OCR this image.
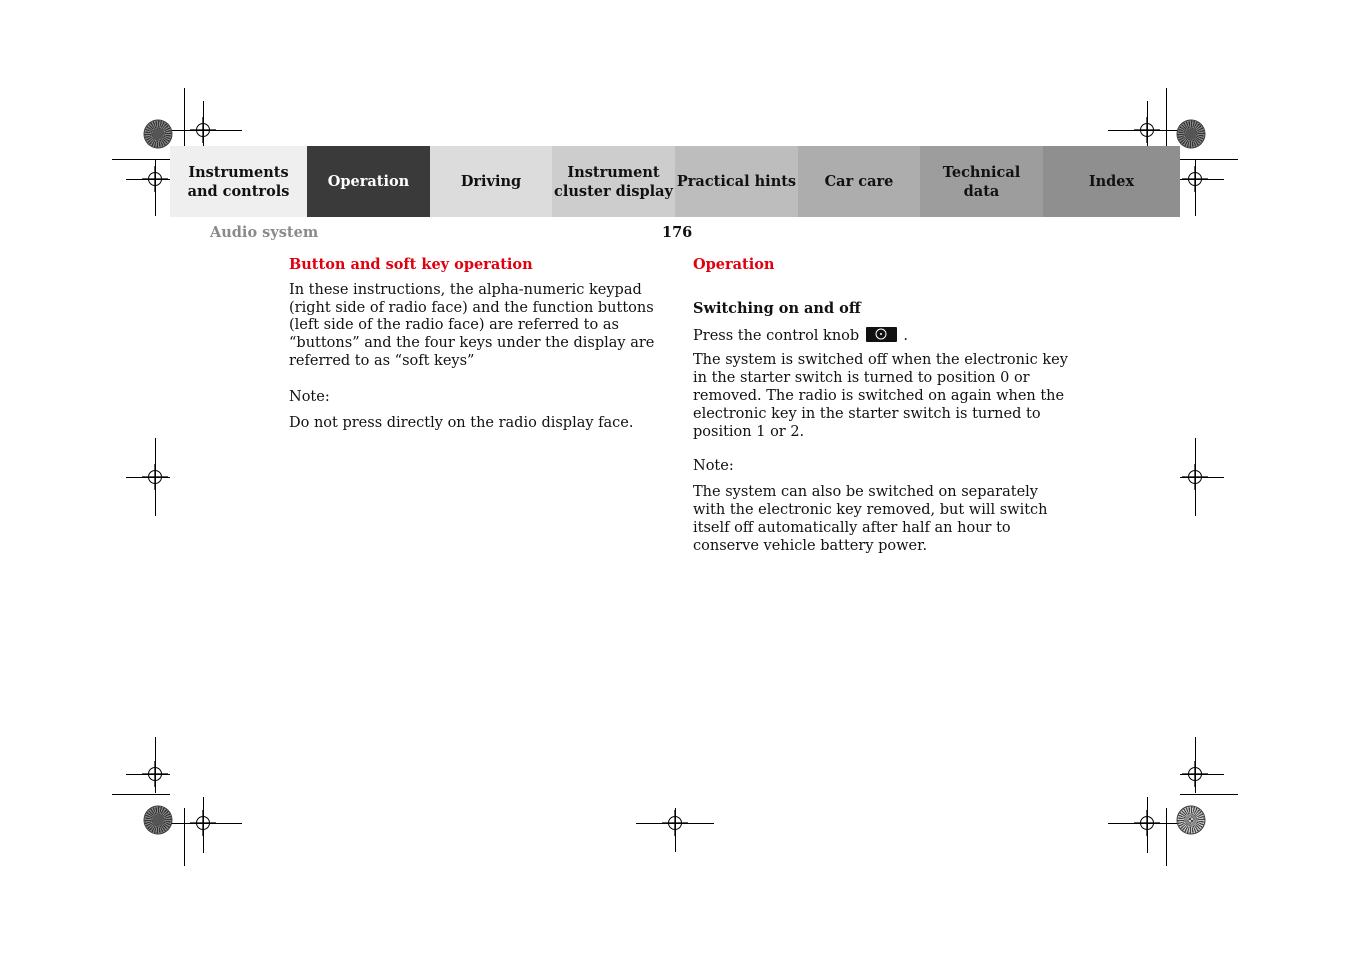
Instruments
and controls
Operation	Driving
Instrument
cluster display
Practical hints Car care
Technical
data
Index
Audio system	176

Button and soft key operation

In these instructions, the alpha-numeric keypad (right side of radio face) and the function buttons (left side of the radio face) are referred to as “buttons” and the four keys under the display are referred to as “soft keys”

Note:

Do not press directly on the radio display face.

Operation

Switching on and off

Press the control knob	.

The system is switched off when the electronic key in the starter switch is turned to position 0 or removed. The radio is switched on again when the electronic key in the starter switch is turned to position 1 or 2.

Note:

The system can also be switched on separately with the electronic key removed, but will switch itself off automatically after half an hour to conserve vehicle battery power.
